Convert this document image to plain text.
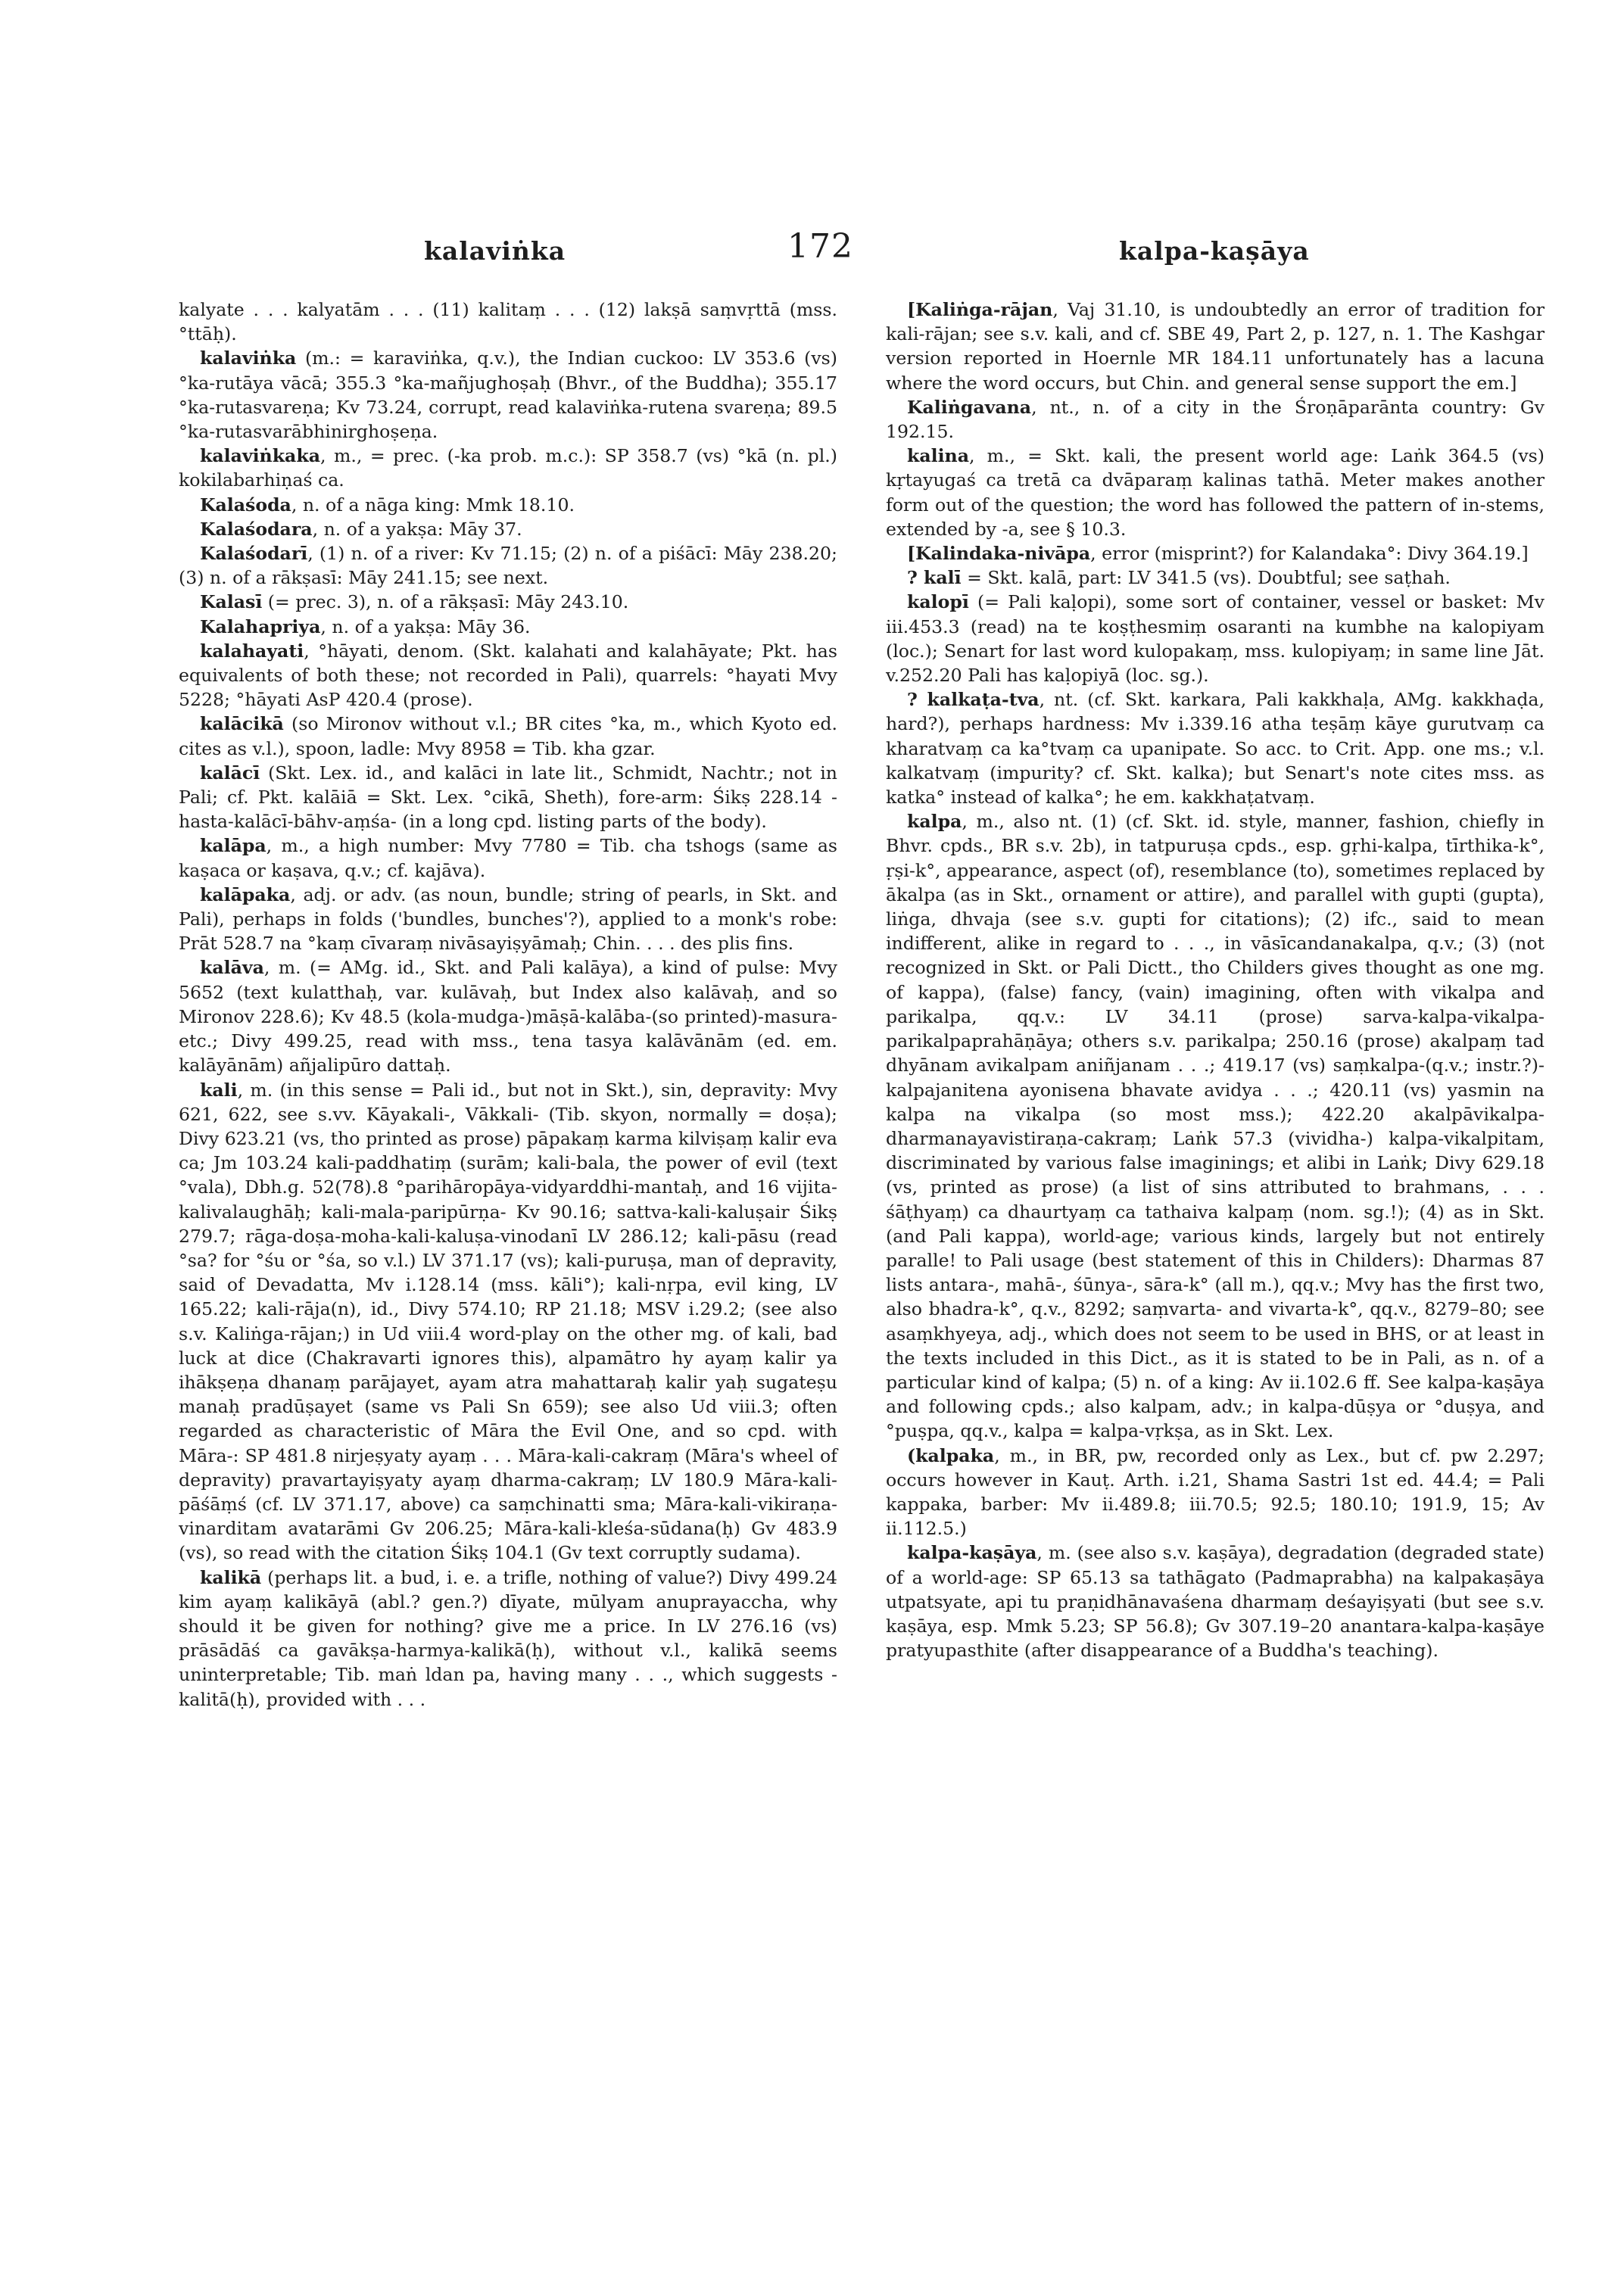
kalaviṅka	172	kalpa-kaṣāya

kalyate . . . kalyatām . . . (11) kalitaṃ . . . (12) lakṣā saṃvṛttā (mss. °ttāḥ).

kalaviṅka (m.: = karaviṅka, q.v.), the Indian cuckoo: LV 353.6 (vs) °ka-rutāya vācā; 355.3 °ka-mañjughoṣaḥ (Bhvr., of the Buddha); 355.17 °ka-rutasvareṇa; Kv 73.24, corrupt, read kalaviṅka-rutena svareṇa; 89.5 °ka-rutasvarābhinirghoṣeṇa.

kalaviṅkaka, m., = prec. (-ka prob. m.c.): SP 358.7 (vs) °kā (n. pl.) kokilabarhiṇaś ca.

Kalaśoda, n. of a nāga king: Mmk 18.10.

Kalaśodara, n. of a yakṣa: Māy 37.

Kalaśodarī, (1) n. of a river: Kv 71.15; (2) n. of a piśācī: Māy 238.20; (3) n. of a rākṣasī: Māy 241.15; see next.

Kalasī (= prec. 3), n. of a rākṣasī: Māy 243.10.

Kalahapriya, n. of a yakṣa: Māy 36.

kalahayati, °hāyati, denom. (Skt. kalahati and kalahāyate; Pkt. has equivalents of both these; not recorded in Pali), quarrels: °hayati Mvy 5228; °hāyati AsP 420.4 (prose).

kalācikā (so Mironov without v.l.; BR cites °ka, m., which Kyoto ed. cites as v.l.), spoon, ladle: Mvy 8958 = Tib. kha gzar.

kalācī (Skt. Lex. id., and kalāci in late lit., Schmidt, Nachtr.; not in Pali; cf. Pkt. kalāiā = Skt. Lex. °cikā, Sheth), fore-arm: Śikṣ 228.14 -hasta-kalācī-bāhv-aṃśa- (in a long cpd. listing parts of the body).

kalāpa, m., a high number: Mvy 7780 = Tib. cha tshogs (same as kaṣaca or kaṣava, q.v.; cf. kajāva).

kalāpaka, adj. or adv. (as noun, bundle; string of pearls, in Skt. and Pali), perhaps in folds ('bundles, bunches'?), applied to a monk's robe: Prāt 528.7 na °kaṃ cīvaraṃ nivāsayiṣyāmaḥ; Chin. . . . des plis fins.

kalāva, m. (= AMg. id., Skt. and Pali kalāya), a kind of pulse: Mvy 5652 (text kulatthaḥ, var. kulāvaḥ, but Index also kalāvaḥ, and so Mironov 228.6); Kv 48.5 (kola-mudga-)māṣā-kalāba-(so printed)-masura- etc.; Divy 499.25, read with mss., tena tasya kalāvānām (ed. em. kalāyānām) añjalipūro dattaḥ.

kali, m. (in this sense = Pali id., but not in Skt.), sin, depravity: Mvy 621, 622, see s.vv. Kāyakali-, Vākkali- (Tib. skyon, normally = doṣa); Divy 623.21 (vs, tho printed as prose) pāpakaṃ karma kilviṣaṃ kalir eva ca; Jm 103.24 kali-paddhatiṃ (surām; kali-bala, the power of evil (text °vala), Dbh.g. 52(78).8 °parihāropāya-vidyarddhi-mantaḥ, and 16 vijita-kalivalaughāḥ; kali-mala-paripūrṇa- Kv 90.16; sattva-kali-kaluṣair Śikṣ 279.7; rāga-doṣa-moha-kali-kaluṣa-vinodanī LV 286.12; kali-pāsu (read °sa? for °śu or °śa, so v.l.) LV 371.17 (vs); kali-puruṣa, man of depravity, said of Devadatta, Mv i.128.14 (mss. kāli°); kali-nṛpa, evil king, LV 165.22; kali-rāja(n), id., Divy 574.10; RP 21.18; MSV i.29.2; (see also s.v. Kaliṅga-rājan;) in Ud viii.4 word-play on the other mg. of kali, bad luck at dice (Chakravarti ignores this), alpamātro hy ayaṃ kalir ya ihākṣeṇa dhanaṃ parājayet, ayam atra mahattaraḥ kalir yaḥ sugateṣu manaḥ pradūṣayet (same vs Pali Sn 659); see also Ud viii.3; often regarded as characteristic of Māra the Evil One, and so cpd. with Māra-: SP 481.8 nirjeṣyaty ayaṃ . . . Māra-kali-cakraṃ (Māra's wheel of depravity) pravartayiṣyaty ayaṃ dharma-cakraṃ; LV 180.9 Māra-kali-pāśāṃś (cf. LV 371.17, above) ca saṃchinatti sma; Māra-kali-vikiraṇa-vinarditam avatarāmi Gv 206.25; Māra-kali-kleśa-sūdana(ḥ) Gv 483.9 (vs), so read with the citation Śikṣ 104.1 (Gv text corruptly sudama).

kalikā (perhaps lit. a bud, i. e. a trifle, nothing of value?) Divy 499.24 kim ayaṃ kalikāyā (abl.? gen.?) dīyate, mūlyam anuprayaccha, why should it be given for nothing? give me a price. In LV 276.16 (vs) prāsādāś ca gavākṣa-harmya-kalikā(ḥ), without v.l., kalikā seems uninterpretable; Tib. maṅ ldan pa, having many . . ., which suggests -kalitā(ḥ), provided with . . .

[Kaliṅga-rājan, Vaj 31.10, is undoubtedly an error of tradition for kali-rājan; see s.v. kali, and cf. SBE 49, Part 2, p. 127, n. 1. The Kashgar version reported in Hoernle MR 184.11 unfortunately has a lacuna where the word occurs, but Chin. and general sense support the em.]

Kaliṅgavana, nt., n. of a city in the Śroṇāparānta country: Gv 192.15.

kalina, m., = Skt. kali, the present world age: Laṅk 364.5 (vs) kṛtayugaś ca tretā ca dvāparaṃ kalinas tathā. Meter makes another form out of the question; the word has followed the pattern of in-stems, extended by -a, see § 10.3.

[Kalindaka-nivāpa, error (misprint?) for Kalandaka°: Divy 364.19.]

? kalī = Skt. kalā, part: LV 341.5 (vs). Doubtful; see saṭhah.

kalopī (= Pali kaḷopi), some sort of container, vessel or basket: Mv iii.453.3 (read) na te koṣṭhesmiṃ osaranti na kumbhe na kalopiyam (loc.); Senart for last word kulopakaṃ, mss. kulopiyaṃ; in same line Jāt. v.252.20 Pali has kaḷopiyā (loc. sg.).

? kalkaṭa-tva, nt. (cf. Skt. karkara, Pali kakkhaḷa, AMg. kakkhaḍa, hard?), perhaps hardness: Mv i.339.16 atha teṣāṃ kāye gurutvaṃ ca kharatvaṃ ca ka°tvaṃ ca upanipate. So acc. to Crit. App. one ms.; v.l. kalkatvaṃ (impurity? cf. Skt. kalka); but Senart's note cites mss. as katka° instead of kalka°; he em. kakkhaṭatvaṃ.

kalpa, m., also nt. (1) (cf. Skt. id. style, manner, fashion, chiefly in Bhvr. cpds., BR s.v. 2b), in tatpuruṣa cpds., esp. gṛhi-kalpa, tīrthika-k°, ṛṣi-k°, appearance, aspect (of), resemblance (to), sometimes replaced by ākalpa (as in Skt., ornament or attire), and parallel with gupti (gupta), liṅga, dhvaja (see s.v. gupti for citations); (2) ifc., said to mean indifferent, alike in regard to . . ., in vāsīcandanakalpa, q.v.; (3) (not recognized in Skt. or Pali Dictt., tho Childers gives thought as one mg. of kappa), (false) fancy, (vain) imagining, often with vikalpa and parikalpa, qq.v.: LV 34.11 (prose) sarva-kalpa-vikalpa-parikalpaprahāṇāya; others s.v. parikalpa; 250.16 (prose) akalpaṃ tad dhyānam avikalpam aniñjanam . . .; 419.17 (vs) saṃkalpa-(q.v.; instr.?)-kalpajanitena ayonisena bhavate avidya . . .; 420.11 (vs) yasmin na kalpa na vikalpa (so most mss.); 422.20 akalpāvikalpa-dharmanayavistiraṇa-cakraṃ; Laṅk 57.3 (vividha-) kalpa-vikalpitam, discriminated by various false imaginings; et alibi in Laṅk; Divy 629.18 (vs, printed as prose) (a list of sins attributed to brahmans, . . . śāṭhyaṃ) ca dhaurtyaṃ ca tathaiva kalpaṃ (nom. sg.!); (4) as in Skt. (and Pali kappa), world-age; various kinds, largely but not entirely paralle! to Pali usage (best statement of this in Childers): Dharmas 87 lists antara-, mahā-, śūnya-, sāra-k° (all m.), qq.v.; Mvy has the first two, also bhadra-k°, q.v., 8292; saṃvarta- and vivarta-k°, qq.v., 8279–80; see asaṃkhyeya, adj., which does not seem to be used in BHS, or at least in the texts included in this Dict., as it is stated to be in Pali, as n. of a particular kind of kalpa; (5) n. of a king: Av ii.102.6 ff. See kalpa-kaṣāya and following cpds.; also kalpam, adv.; in kalpa-dūṣya or °duṣya, and °puṣpa, qq.v., kalpa = kalpa-vṛkṣa, as in Skt. Lex.

(kalpaka, m., in BR, pw, recorded only as Lex., but cf. pw 2.297; occurs however in Kauṭ. Arth. i.21, Shama Sastri 1st ed. 44.4; = Pali kappaka, barber: Mv ii.489.8; iii.70.5; 92.5; 180.10; 191.9, 15; Av ii.112.5.)

kalpa-kaṣāya, m. (see also s.v. kaṣāya), degradation (degraded state) of a world-age: SP 65.13 sa tathāgato (Padmaprabha) na kalpakaṣāya utpatsyate, api tu praṇidhānavaśena dharmaṃ deśayiṣyati (but see s.v. kaṣāya, esp. Mmk 5.23; SP 56.8); Gv 307.19–20 anantara-kalpa-kaṣāye pratyupasthite (after disappearance of a Buddha's teaching).
